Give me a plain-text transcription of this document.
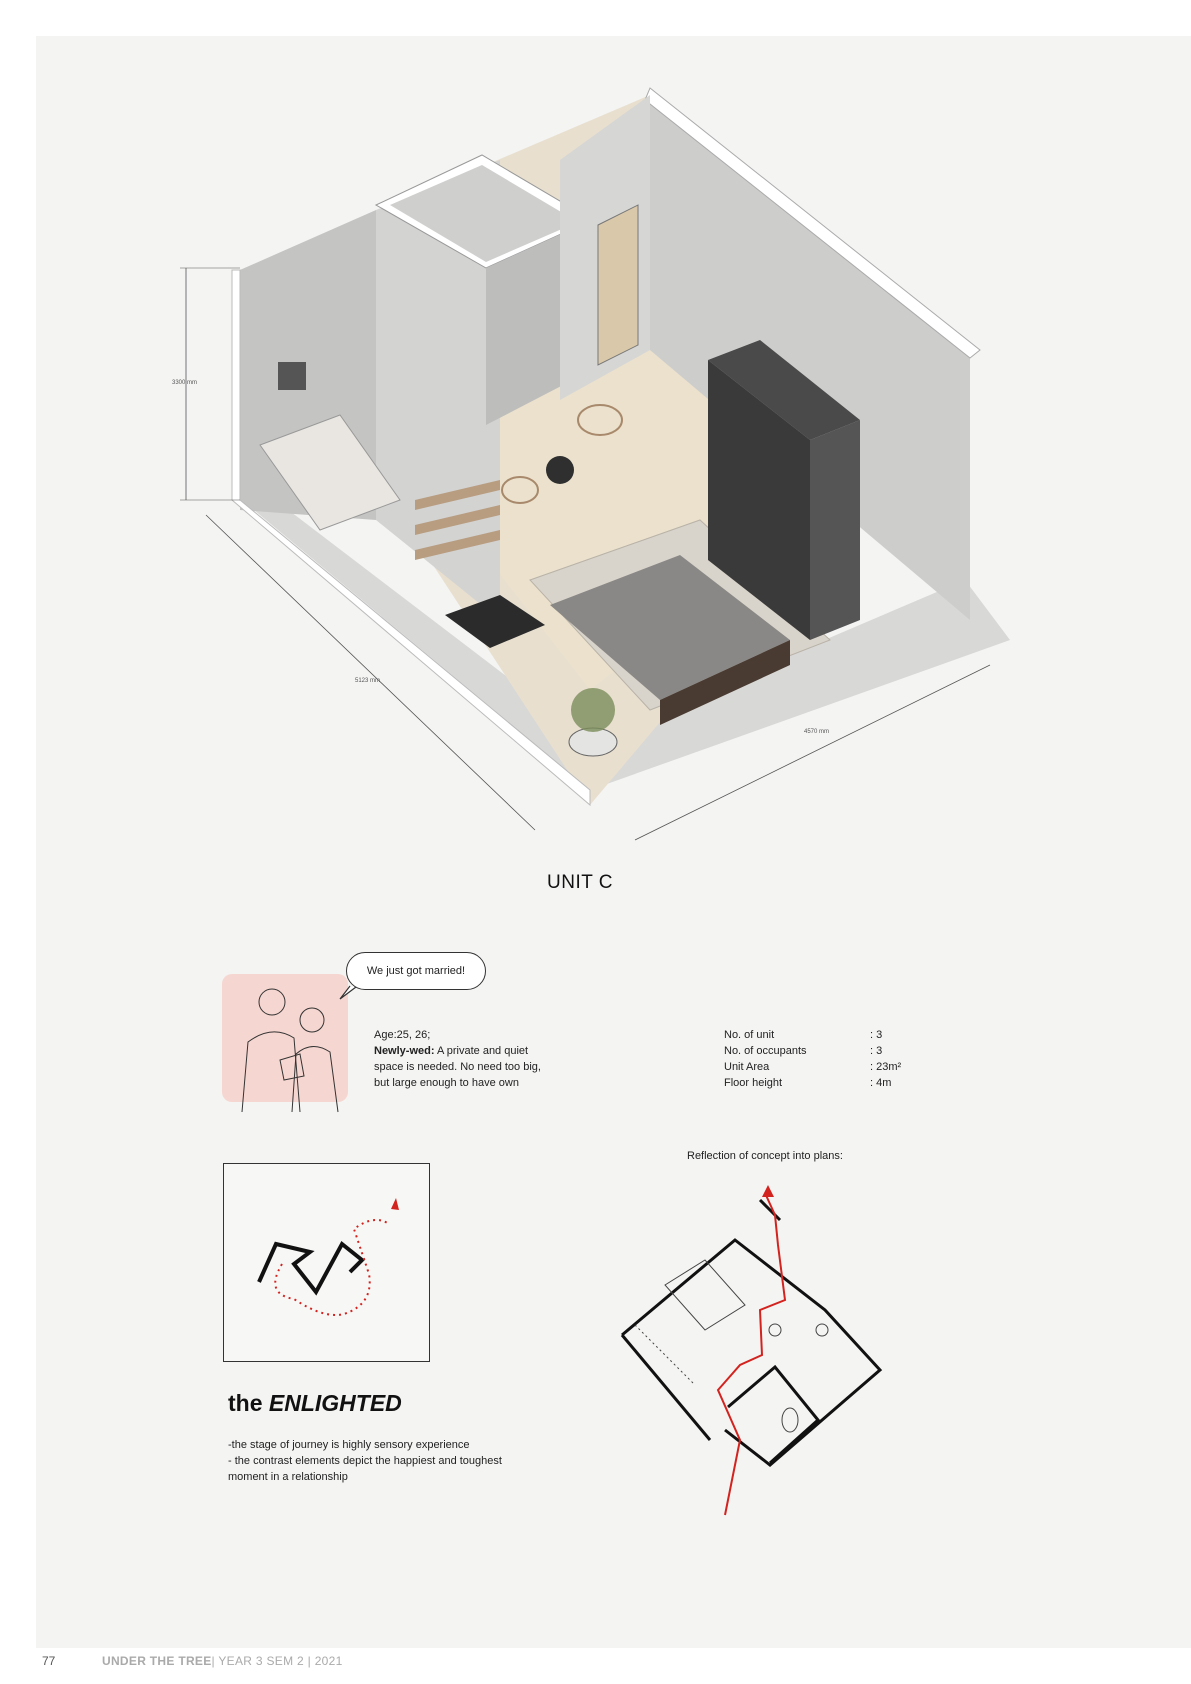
3300 mm
5123 mm
4570 mm
UNIT C
We just got married!
Age:25, 26;
Newly-wed: A private and quiet
space is needed. No need too big,
but large enough to have own
No. of unit	: 3
No. of occupants	: 3
Unit Area	: 23m²
Floor height	: 4m
Reflection of concept into plans:
the ENLIGHTED
-the stage of journey is highly sensory experience
- the contrast elements depict the happiest and toughest
moment in a relationship
77	UNDER THE TREE | YEAR 3 SEM 2 | 2021
